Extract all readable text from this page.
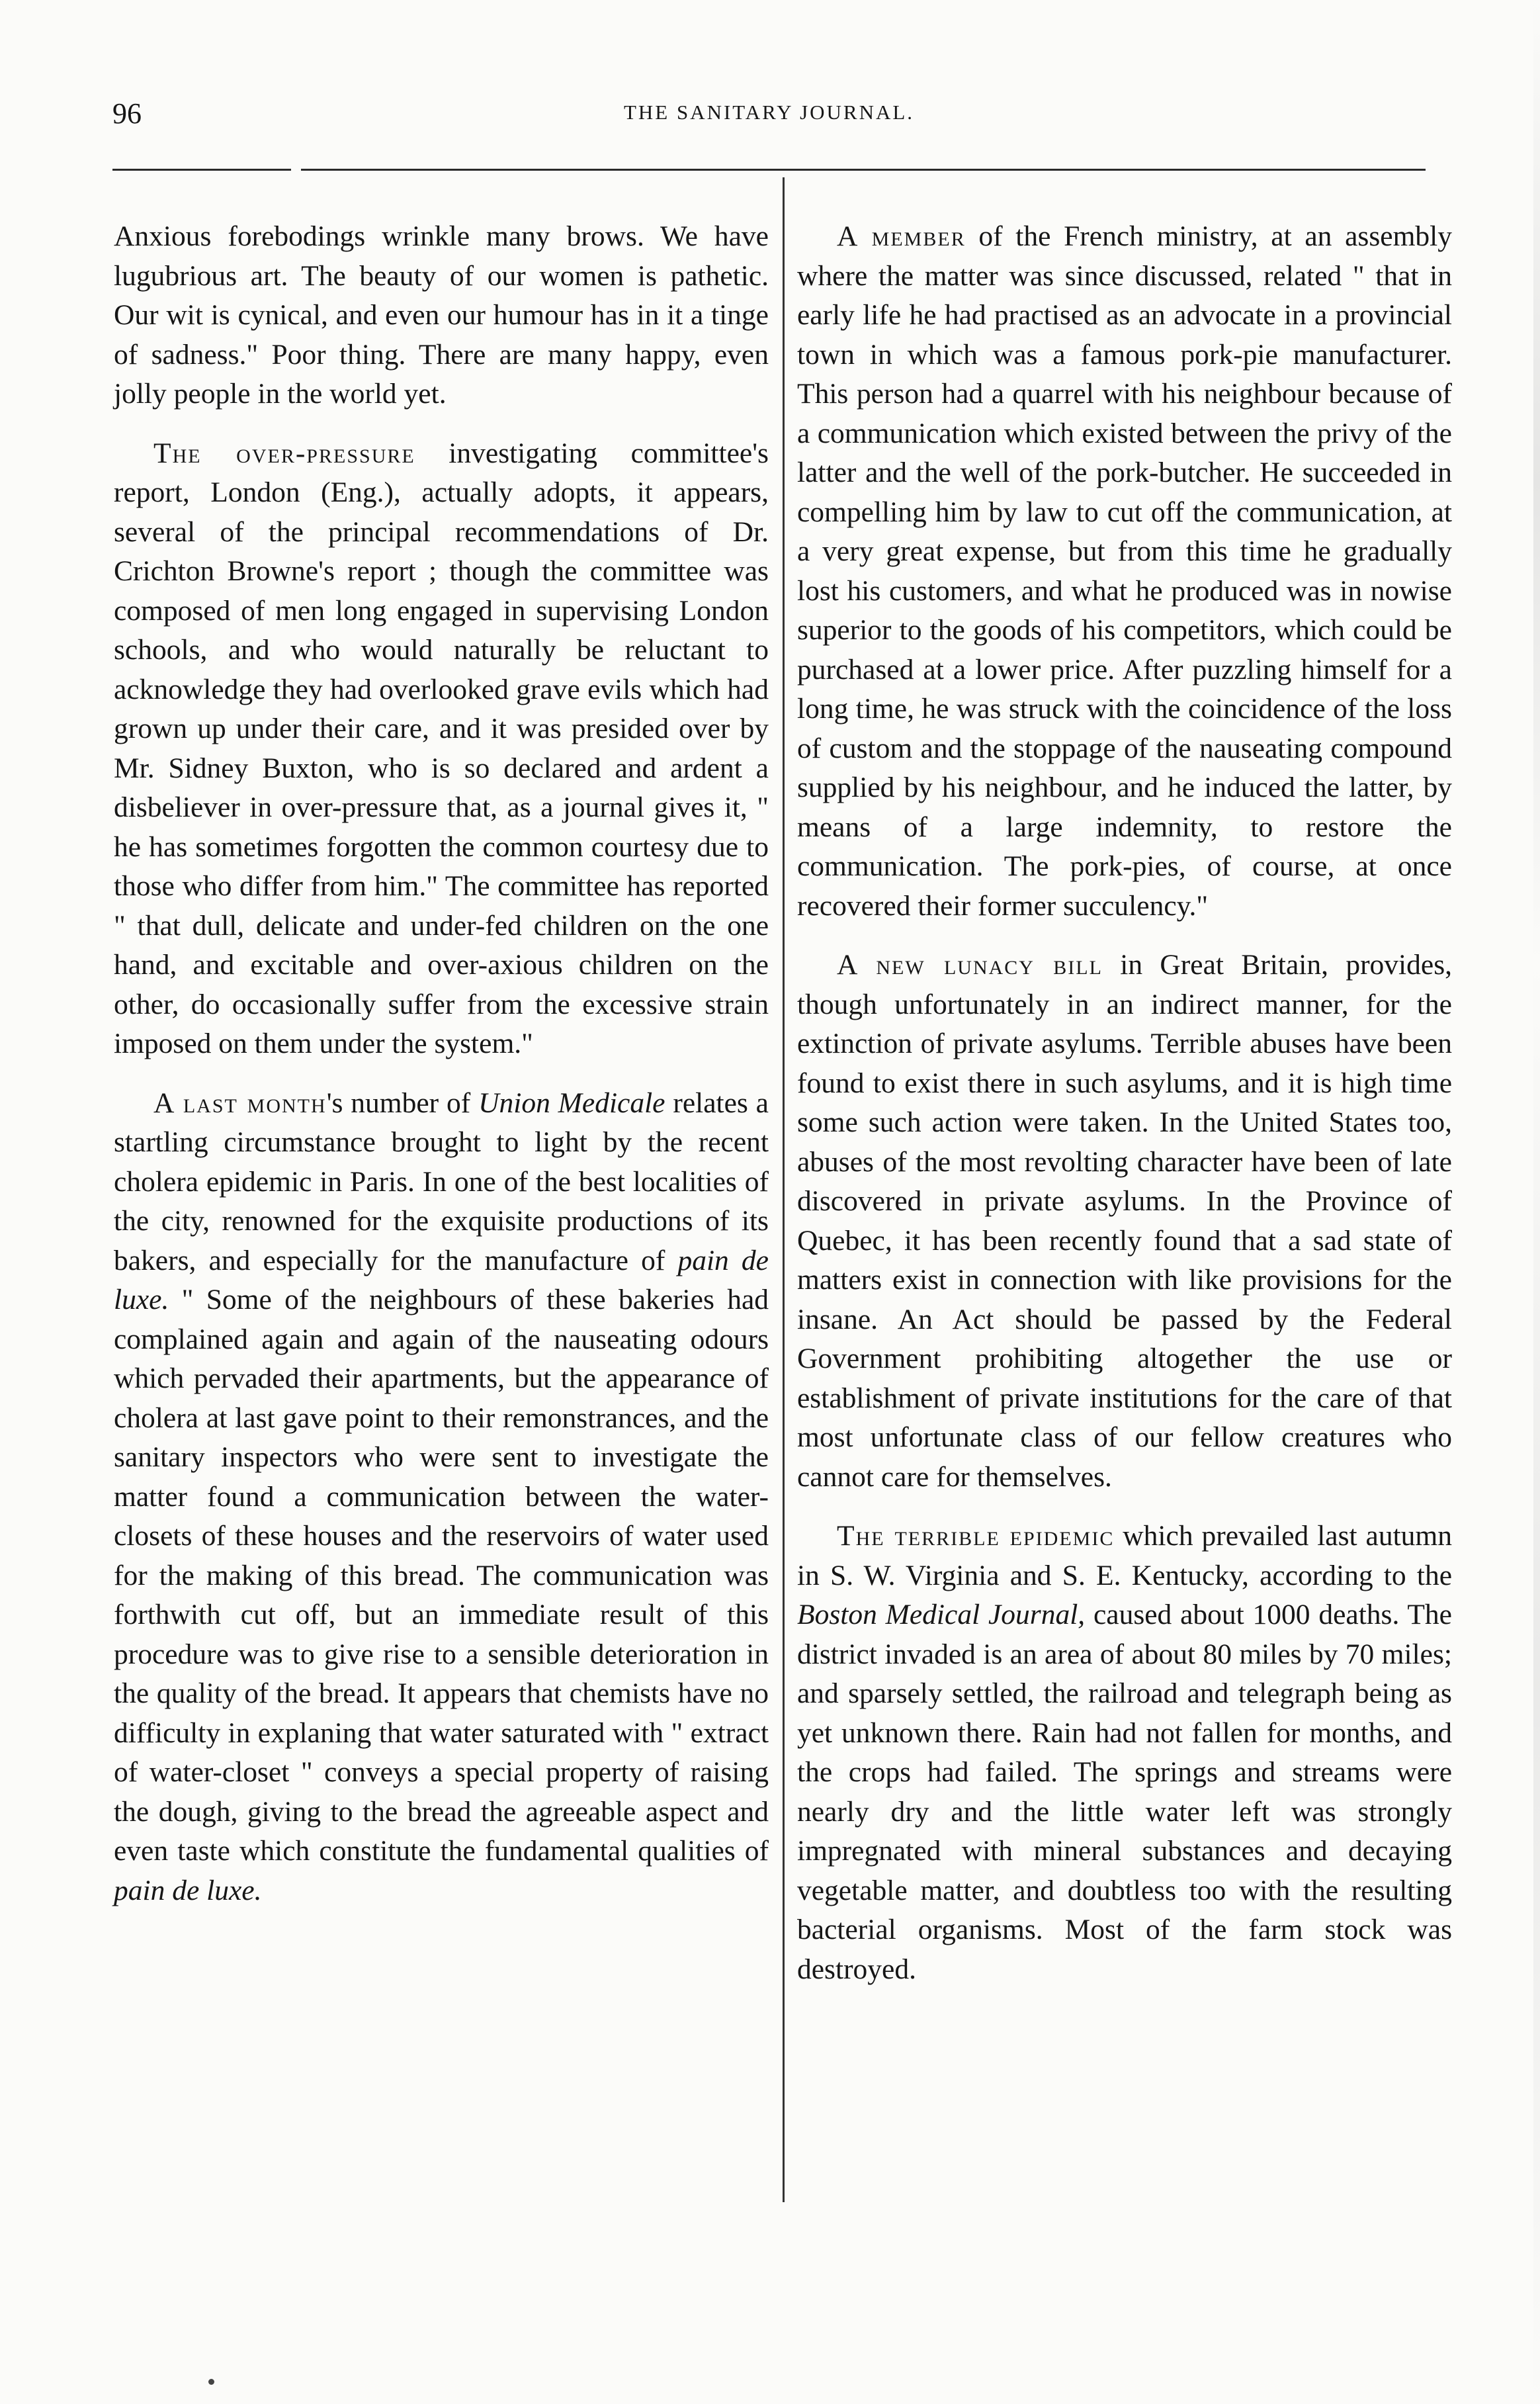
96	THE SANITARY JOURNAL.

Anxious forebodings wrinkle many brows. We have lugubrious art. The beauty of our women is pathetic. Our wit is cynical, and even our humour has in it a tinge of sadness." Poor thing. There are many happy, even jolly people in the world yet.

The over-pressure investigating committee's report, London (Eng.), actually adopts, it appears, several of the principal recommendations of Dr. Crichton Browne's report ; though the committee was composed of men long engaged in supervising London schools, and who would naturally be reluctant to acknowledge they had overlooked grave evils which had grown up under their care, and it was presided over by Mr. Sidney Buxton, who is so declared and ardent a disbeliever in over-pressure that, as a journal gives it, " he has sometimes forgotten the common courtesy due to those who differ from him." The committee has reported " that dull, delicate and under-fed children on the one hand, and excitable and over-axious children on the other, do occasionally suffer from the excessive strain imposed on them under the system."

A last month's number of Union Medicale relates a startling circumstance brought to light by the recent cholera epidemic in Paris. In one of the best localities of the city, renowned for the exquisite productions of its bakers, and especially for the manufacture of pain de luxe. " Some of the neighbours of these bakeries had complained again and again of the nauseating odours which pervaded their apartments, but the appearance of cholera at last gave point to their remonstrances, and the sanitary inspectors who were sent to investigate the matter found a communication between the water-closets of these houses and the reservoirs of water used for the making of this bread. The communication was forthwith cut off, but an immediate result of this procedure was to give rise to a sensible deterioration in the quality of the bread. It appears that chemists have no difficulty in explaning that water saturated with " extract of water-closet " conveys a special property of raising the dough, giving to the bread the agreeable aspect and even taste which constitute the fundamental qualities of pain de luxe.

A member of the French ministry, at an assembly where the matter was since discussed, related " that in early life he had practised as an advocate in a provincial town in which was a famous pork-pie manufacturer. This person had a quarrel with his neighbour because of a communication which existed between the privy of the latter and the well of the pork-butcher. He succeeded in compelling him by law to cut off the communication, at a very great expense, but from this time he gradually lost his customers, and what he produced was in nowise superior to the goods of his competitors, which could be purchased at a lower price. After puzzling himself for a long time, he was struck with the coincidence of the loss of custom and the stoppage of the nauseating compound supplied by his neighbour, and he induced the latter, by means of a large indemnity, to restore the communication. The pork-pies, of course, at once recovered their former succulency."

A new lunacy bill in Great Britain, provides, though unfortunately in an indirect manner, for the extinction of private asylums. Terrible abuses have been found to exist there in such asylums, and it is high time some such action were taken. In the United States too, abuses of the most revolting character have been of late discovered in private asylums. In the Province of Quebec, it has been recently found that a sad state of matters exist in connection with like provisions for the insane. An Act should be passed by the Federal Government prohibiting altogether the use or establishment of private institutions for the care of that most unfortunate class of our fellow creatures who cannot care for themselves.

The terrible epidemic which prevailed last autumn in S. W. Virginia and S. E. Kentucky, according to the Boston Medical Journal, caused about 1000 deaths. The district invaded is an area of about 80 miles by 70 miles; and sparsely settled, the railroad and telegraph being as yet unknown there. Rain had not fallen for months, and the crops had failed. The springs and streams were nearly dry and the little water left was strongly impregnated with mineral substances and decaying vegetable matter, and doubtless too with the resulting bacterial organisms. Most of the farm stock was destroyed.
